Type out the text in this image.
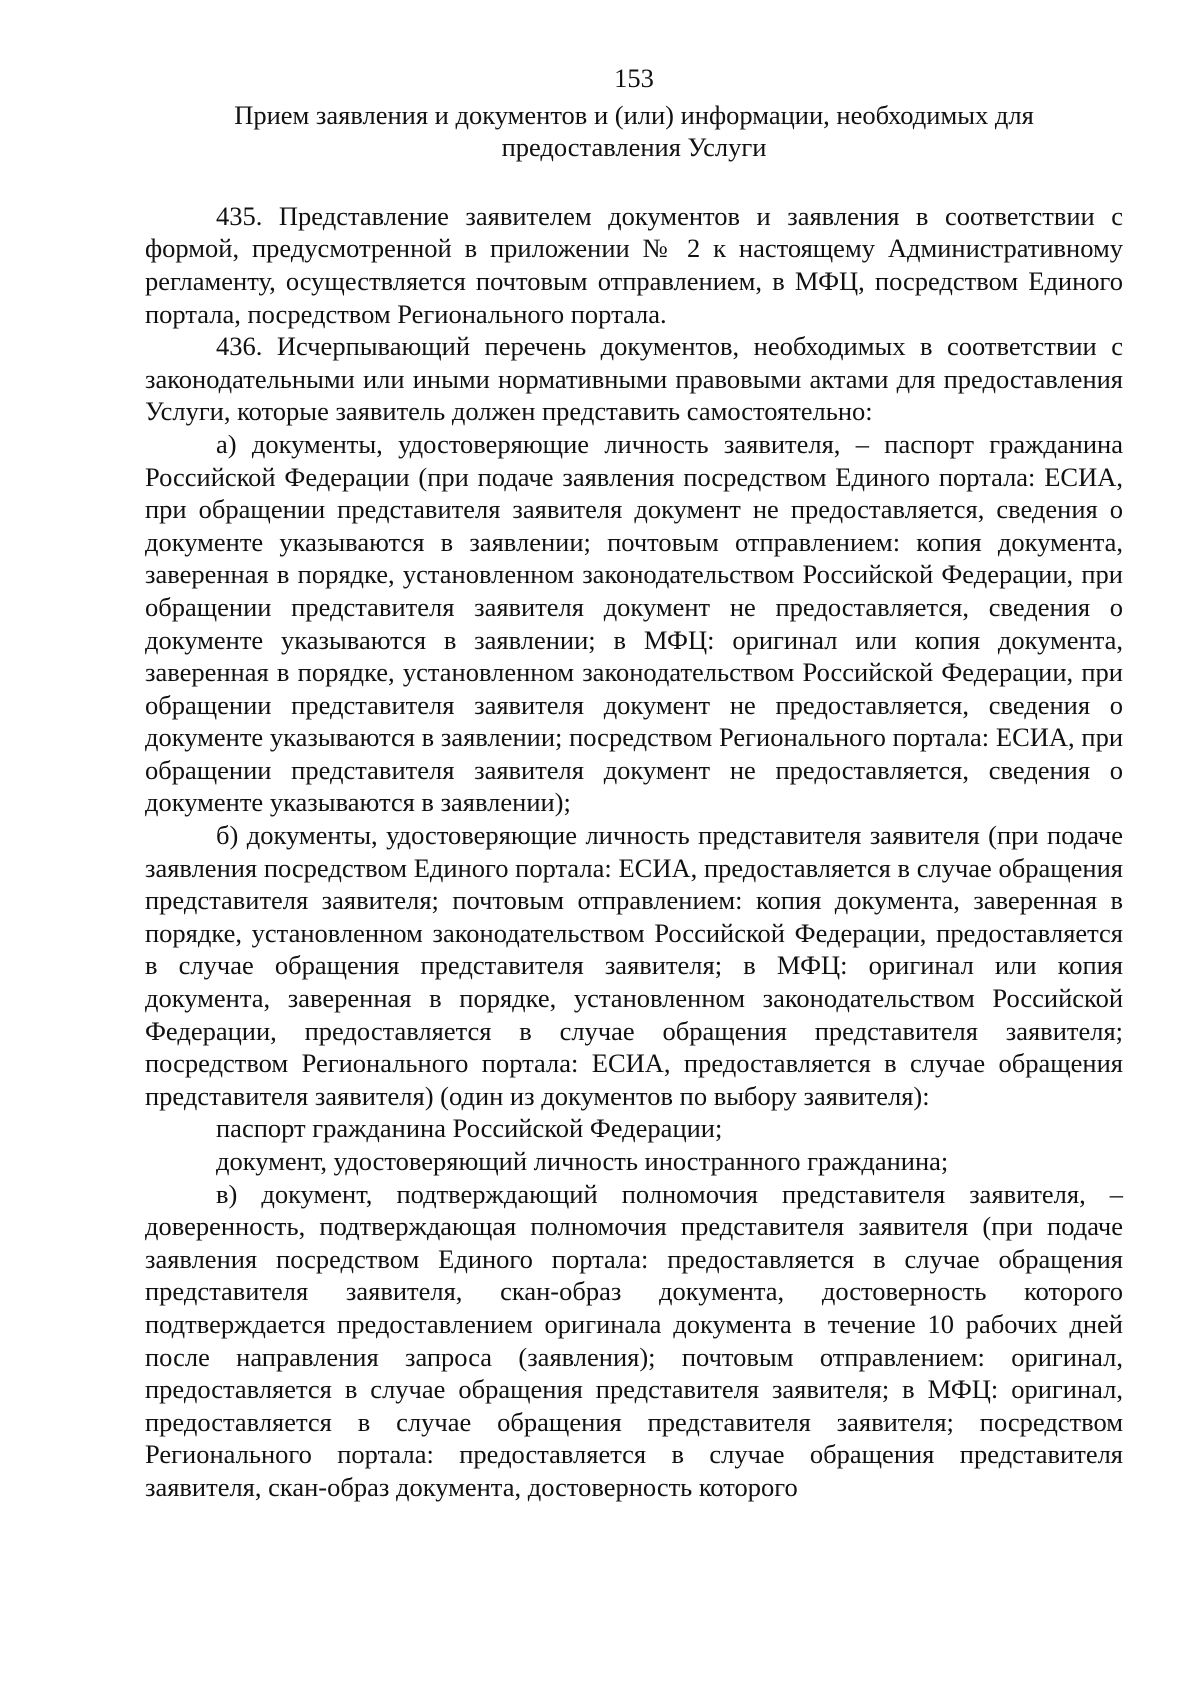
153
Прием заявления и документов и (или) информации, необходимых для предоставления Услуги

435. Представление заявителем документов и заявления в соответствии с формой, предусмотренной в приложении № 2 к настоящему Административному регламенту, осуществляется почтовым отправлением, в МФЦ, посредством Единого портала, посредством Регионального портала.

436. Исчерпывающий перечень документов, необходимых в соответствии с законодательными или иными нормативными правовыми актами для предоставления Услуги, которые заявитель должен представить самостоятельно:

а) документы, удостоверяющие личность заявителя, – паспорт гражданина Российской Федерации (при подаче заявления посредством Единого портала: ЕСИА, при обращении представителя заявителя документ не предоставляется, сведения о документе указываются в заявлении; почтовым отправлением: копия документа, заверенная в порядке, установленном законодательством Российской Федерации, при обращении представителя заявителя документ не предоставляется, сведения о документе указываются в заявлении; в МФЦ: оригинал или копия документа, заверенная в порядке, установленном законодательством Российской Федерации, при обращении представителя заявителя документ не предоставляется, сведения о документе указываются в заявлении; посредством Регионального портала: ЕСИА, при обращении представителя заявителя документ не предоставляется, сведения о документе указываются в заявлении);

б) документы, удостоверяющие личность представителя заявителя (при подаче заявления посредством Единого портала: ЕСИА, предоставляется в случае обращения представителя заявителя; почтовым отправлением: копия документа, заверенная в порядке, установленном законодательством Российской Федерации, предоставляется в случае обращения представителя заявителя; в МФЦ: оригинал или копия документа, заверенная в порядке, установленном законодательством Российской Федерации, предоставляется в случае обращения представителя заявителя; посредством Регионального портала: ЕСИА, предоставляется в случае обращения представителя заявителя) (один из документов по выбору заявителя):

паспорт гражданина Российской Федерации;

документ, удостоверяющий личность иностранного гражданина;

в) документ, подтверждающий полномочия представителя заявителя, – доверенность, подтверждающая полномочия представителя заявителя (при подаче заявления посредством Единого портала: предоставляется в случае обращения представителя заявителя, скан-образ документа, достоверность которого подтверждается предоставлением оригинала документа в течение 10 рабочих дней после направления запроса (заявления); почтовым отправлением: оригинал, предоставляется в случае обращения представителя заявителя; в МФЦ: оригинал, предоставляется в случае обращения представителя заявителя; посредством Регионального портала: предоставляется в случае обращения представителя заявителя, скан-образ документа, достоверность которого
